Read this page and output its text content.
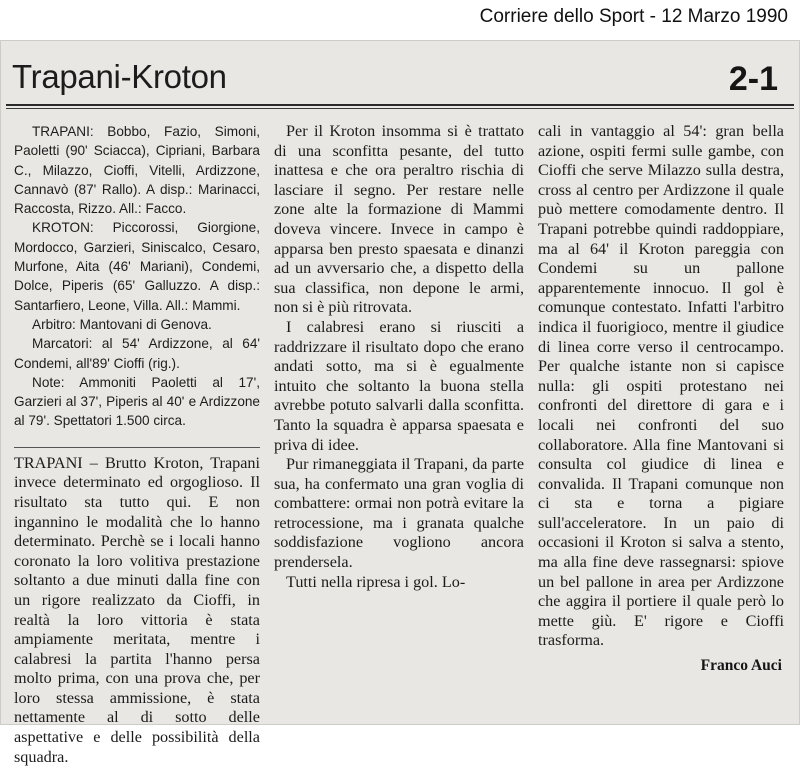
Corriere dello Sport - 12 Marzo 1990
Trapani-Kroton	2-1

TRAPANI: Bobbo, Fazio, Simoni, Paoletti (90' Sciacca), Cipriani, Barbara C., Milazzo, Cioffi, Vitelli, Ardizzone, Cannavò (87' Rallo). A disp.: Marinacci, Raccosta, Rizzo. All.: Facco.

KROTON: Piccorossi, Giorgione, Mordocco, Garzieri, Siniscalco, Cesaro, Murfone, Aita (46' Mariani), Condemi, Dolce, Piperis (65' Galluzzo. A disp.: Santarfiero, Leone, Villa. All.: Mammi.

Arbitro: Mantovani di Genova.

Marcatori: al 54' Ardizzone, al 64' Condemi, all'89' Cioffi (rig.).

Note: Ammoniti Paoletti al 17', Garzieri al 37', Piperis al 40' e Ardizzone al 79'. Spettatori 1.500 circa.

TRAPANI – Brutto Kroton, Trapani invece determinato ed orgoglioso. Il risultato sta tutto qui. E non ingannino le modalità che lo hanno determinato. Perchè se i locali hanno coronato la loro volitiva prestazione soltanto a due minuti dalla fine con un rigore realizzato da Cioffi, in realtà la loro vittoria è stata ampiamente meritata, mentre i calabresi la partita l'hanno persa molto prima, con una prova che, per loro stessa ammissione, è stata nettamente al di sotto delle aspettative e delle possibilità della squadra.

Per il Kroton insomma si è trattato di una sconfitta pesante, del tutto inattesa e che ora peraltro rischia di lasciare il segno. Per restare nelle zone alte la formazione di Mammi doveva vincere. Invece in campo è apparsa ben presto spaesata e dinanzi ad un avversario che, a dispetto della sua classifica, non depone le armi, non si è più ritrovata.

I calabresi erano si riusciti a raddrizzare il risultato dopo che erano andati sotto, ma si è egualmente intuito che soltanto la buona stella avrebbe potuto salvarli dalla sconfitta. Tanto la squadra è apparsa spaesata e priva di idee.

Pur rimaneggiata il Trapani, da parte sua, ha confermato una gran voglia di combattere: ormai non potrà evitare la retrocessione, ma i granata qualche soddisfazione vogliono ancora prendersela.

Tutti nella ripresa i gol. Lo-

cali in vantaggio al 54': gran bella azione, ospiti fermi sulle gambe, con Cioffi che serve Milazzo sulla destra, cross al centro per Ardizzone il quale può mettere comodamente dentro. Il Trapani potrebbe quindi raddoppiare, ma al 64' il Kroton pareggia con Condemi su un pallone apparentemente innocuo. Il gol è comunque contestato. Infatti l'arbitro indica il fuorigioco, mentre il giudice di linea corre verso il centrocampo. Per qualche istante non si capisce nulla: gli ospiti protestano nei confronti del direttore di gara e i locali nei confronti del suo collaboratore. Alla fine Mantovani si consulta col giudice di linea e convalida. Il Trapani comunque non ci sta e torna a pigiare sull'acceleratore. In un paio di occasioni il Kroton si salva a stento, ma alla fine deve rassegnarsi: spiove un bel pallone in area per Ardizzone che aggira il portiere il quale però lo mette giù. E' rigore e Cioffi trasforma.

Franco Auci
